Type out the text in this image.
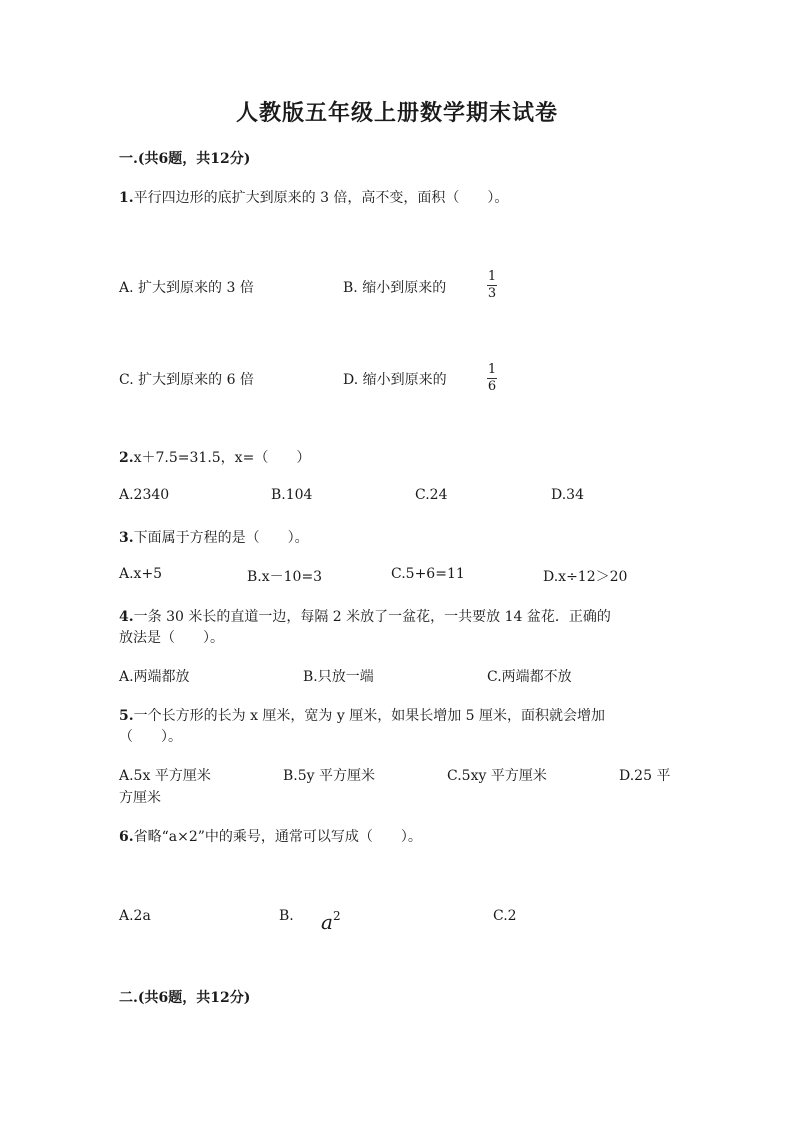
人教版五年级上册数学期末试卷
一.(共6题，共12分)
1.平行四边形的底扩大到原来的 3 倍，高不变，面积（　　）。
A. 扩大到原来的 3 倍	B. 缩小到原来的
1
3
C. 扩大到原来的 6 倍	D. 缩小到原来的
1
6
2.x＋7.5=31.5，x=（　　）
A.2340	B.104	C.24	D.34
3.下面属于方程的是（　　）。
A.x+5	B.x－10=3	C.5+6=11	D.x÷12＞20
4.一条 30 米长的直道一边，每隔 2 米放了一盆花，一共要放 14 盆花．正确的
放法是（　　）。
A.两端都放	B.只放一端	C.两端都不放
5.一个长方形的长为 x 厘米，宽为 y 厘米，如果长增加 5 厘米，面积就会增加
（　　）。
A.5x 平方厘米	B.5y 平方厘米	C.5xy 平方厘米	D.25 平
方厘米
6.省略“a×2”中的乘号，通常可以写成（　　）。
A.2a	B. $a^2$	C.2
二.(共6题，共12分)
